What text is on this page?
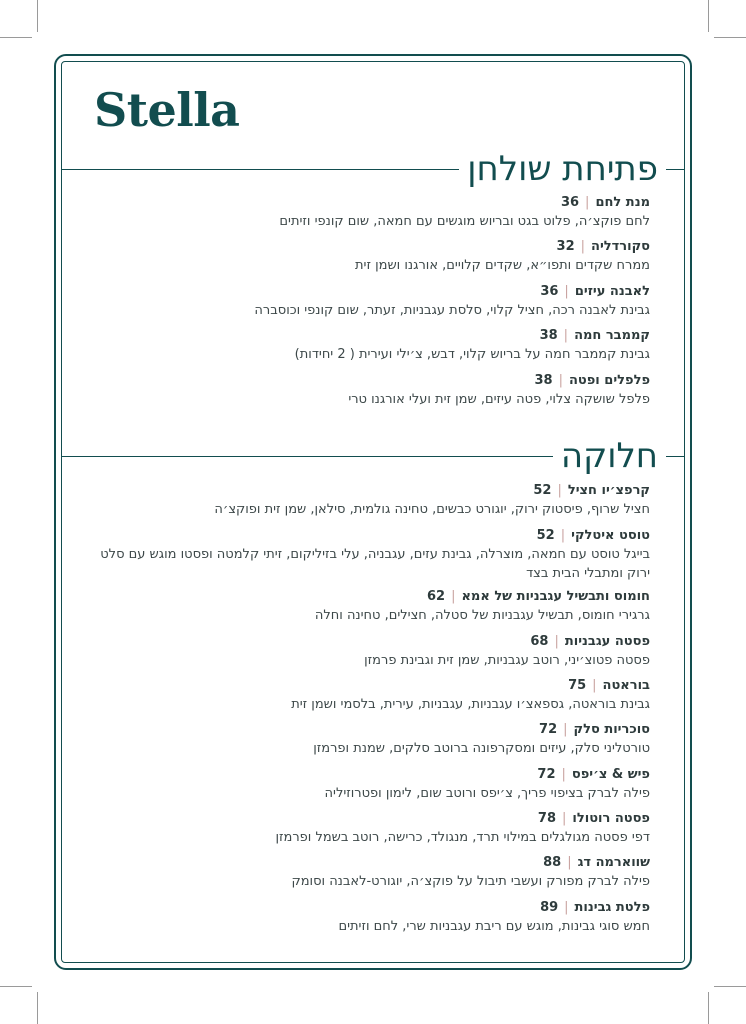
Stella
פתיחת שולחן
מנת לחם|36
לחם פוקצ׳ה, פלוט בגט ובריוש מוגשים עם חמאה, שום קונפי וזיתים
סקורדליה|32
ממרח שקדים ותפו״א, שקדים קלויים, אורגנו ושמן זית
לאבנה עיזים|36
גבינת לאבנה רכה, חציל קלוי, סלסת עגבניות, זעתר, שום קונפי וכוסברה
קממבר חמה|38
גבינת קממבר חמה על בריוש קלוי, דבש, צ׳ילי ועירית ( 2 יחידות)
פלפלים ופטה|38
פלפל שושקה צלוי, פטה עיזים, שמן זית ועלי אורגנו טרי
חלוקה
קרפצ׳יו חציל|52
חציל שרוף, פיסטוק ירוק, יוגורט כבשים, טחינה גולמית, סילאן, שמן זית ופוקצ׳ה
טוסט איטלקי|52
בייגל טוסט עם חמאה, מוצרלה, גבינת עזים, עגבניה, עלי בזיליקום, זיתי קלמטה ופסטו מוגש עם סלט ירוק ומתבלי הבית בצד
חומוס ותבשיל עגבניות של אמא|62
גרגירי חומוס, תבשיל עגבניות של סטלה, חצילים, טחינה וחלה
פסטה עגבניות|68
פסטה פטוצ׳יני, רוטב עגבניות, שמן זית וגבינת פרמזן
בוראטה|75
גבינת בוראטה, גספאצ׳ו עגבניות, עגבניות, עירית, בלסמי ושמן זית
סוכריות סלק|72
טורטליני סלק, עיזים ומסקרפונה ברוטב סלקים, שמנת ופרמזן
פיש & צ׳יפס|72
פילה לברק בציפוי פריך, צ׳יפס ורוטב שום, לימון ופטרוזיליה
פסטה רוטולו|78
דפי פסטה מגולגלים במילוי תרד, מנגולד, כרישה, רוטב בשמל ופרמזן
שווארמה דג|88
פילה לברק מפורק ועשבי תיבול על פוקצ׳ה, יוגורט-לאבנה וסומק
פלטת גבינות|89
חמש סוגי גבינות, מוגש עם ריבת עגבניות שרי, לחם וזיתים
